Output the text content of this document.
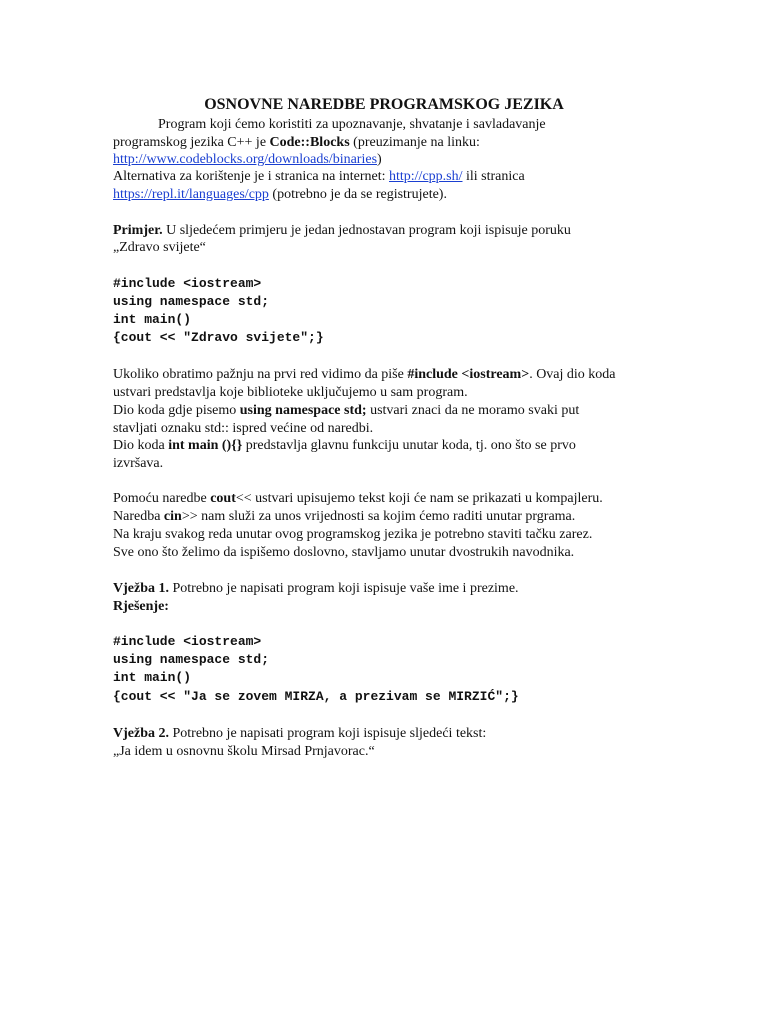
OSNOVNE NAREDBE PROGRAMSKOG JEZIKA
Program koji ćemo koristiti za upoznavanje, shvatanje i savladavanje
programskog jezika C++ je Code::Blocks (preuzimanje na linku:
http://www.codeblocks.org/downloads/binaries)
Alternativa za korištenje je i stranica na internet: http://cpp.sh/ ili stranica
https://repl.it/languages/cpp (potrebno je da se registrujete).
Primjer. U sljedećem primjeru je jedan jednostavan program koji ispisuje poruku
„Zdravo svijete“
#include <iostream>
using namespace std;
int main()
{cout << "Zdravo svijete";}
Ukoliko obratimo pažnju na prvi red vidimo da piše #include <iostream>. Ovaj dio koda
ustvari predstavlja koje biblioteke uključujemo u sam program.
Dio koda gdje pisemo using namespace std; ustvari znaci da ne moramo svaki put
stavljati oznaku std:: ispred većine od naredbi.
Dio koda int main (){} predstavlja glavnu funkciju unutar koda, tj. ono što se prvo
izvršava.
Pomoću naredbe cout<< ustvari upisujemo tekst koji će nam se prikazati u kompajleru.
Naredba cin>> nam služi za unos vrijednosti sa kojim ćemo raditi unutar prgrama.
Na kraju svakog reda unutar ovog programskog jezika je potrebno staviti tačku zarez.
Sve ono što želimo da ispišemo doslovno, stavljamo unutar dvostrukih navodnika.
Vježba 1. Potrebno je napisati program koji ispisuje vaše ime i prezime.
Rješenje:
#include <iostream>
using namespace std;
int main()
{cout << "Ja se zovem MIRZA, a prezivam se MIRZIĆ";}
Vježba 2. Potrebno je napisati program koji ispisuje sljedeći tekst:
„Ja idem u osnovnu školu Mirsad Prnjavorac.“
